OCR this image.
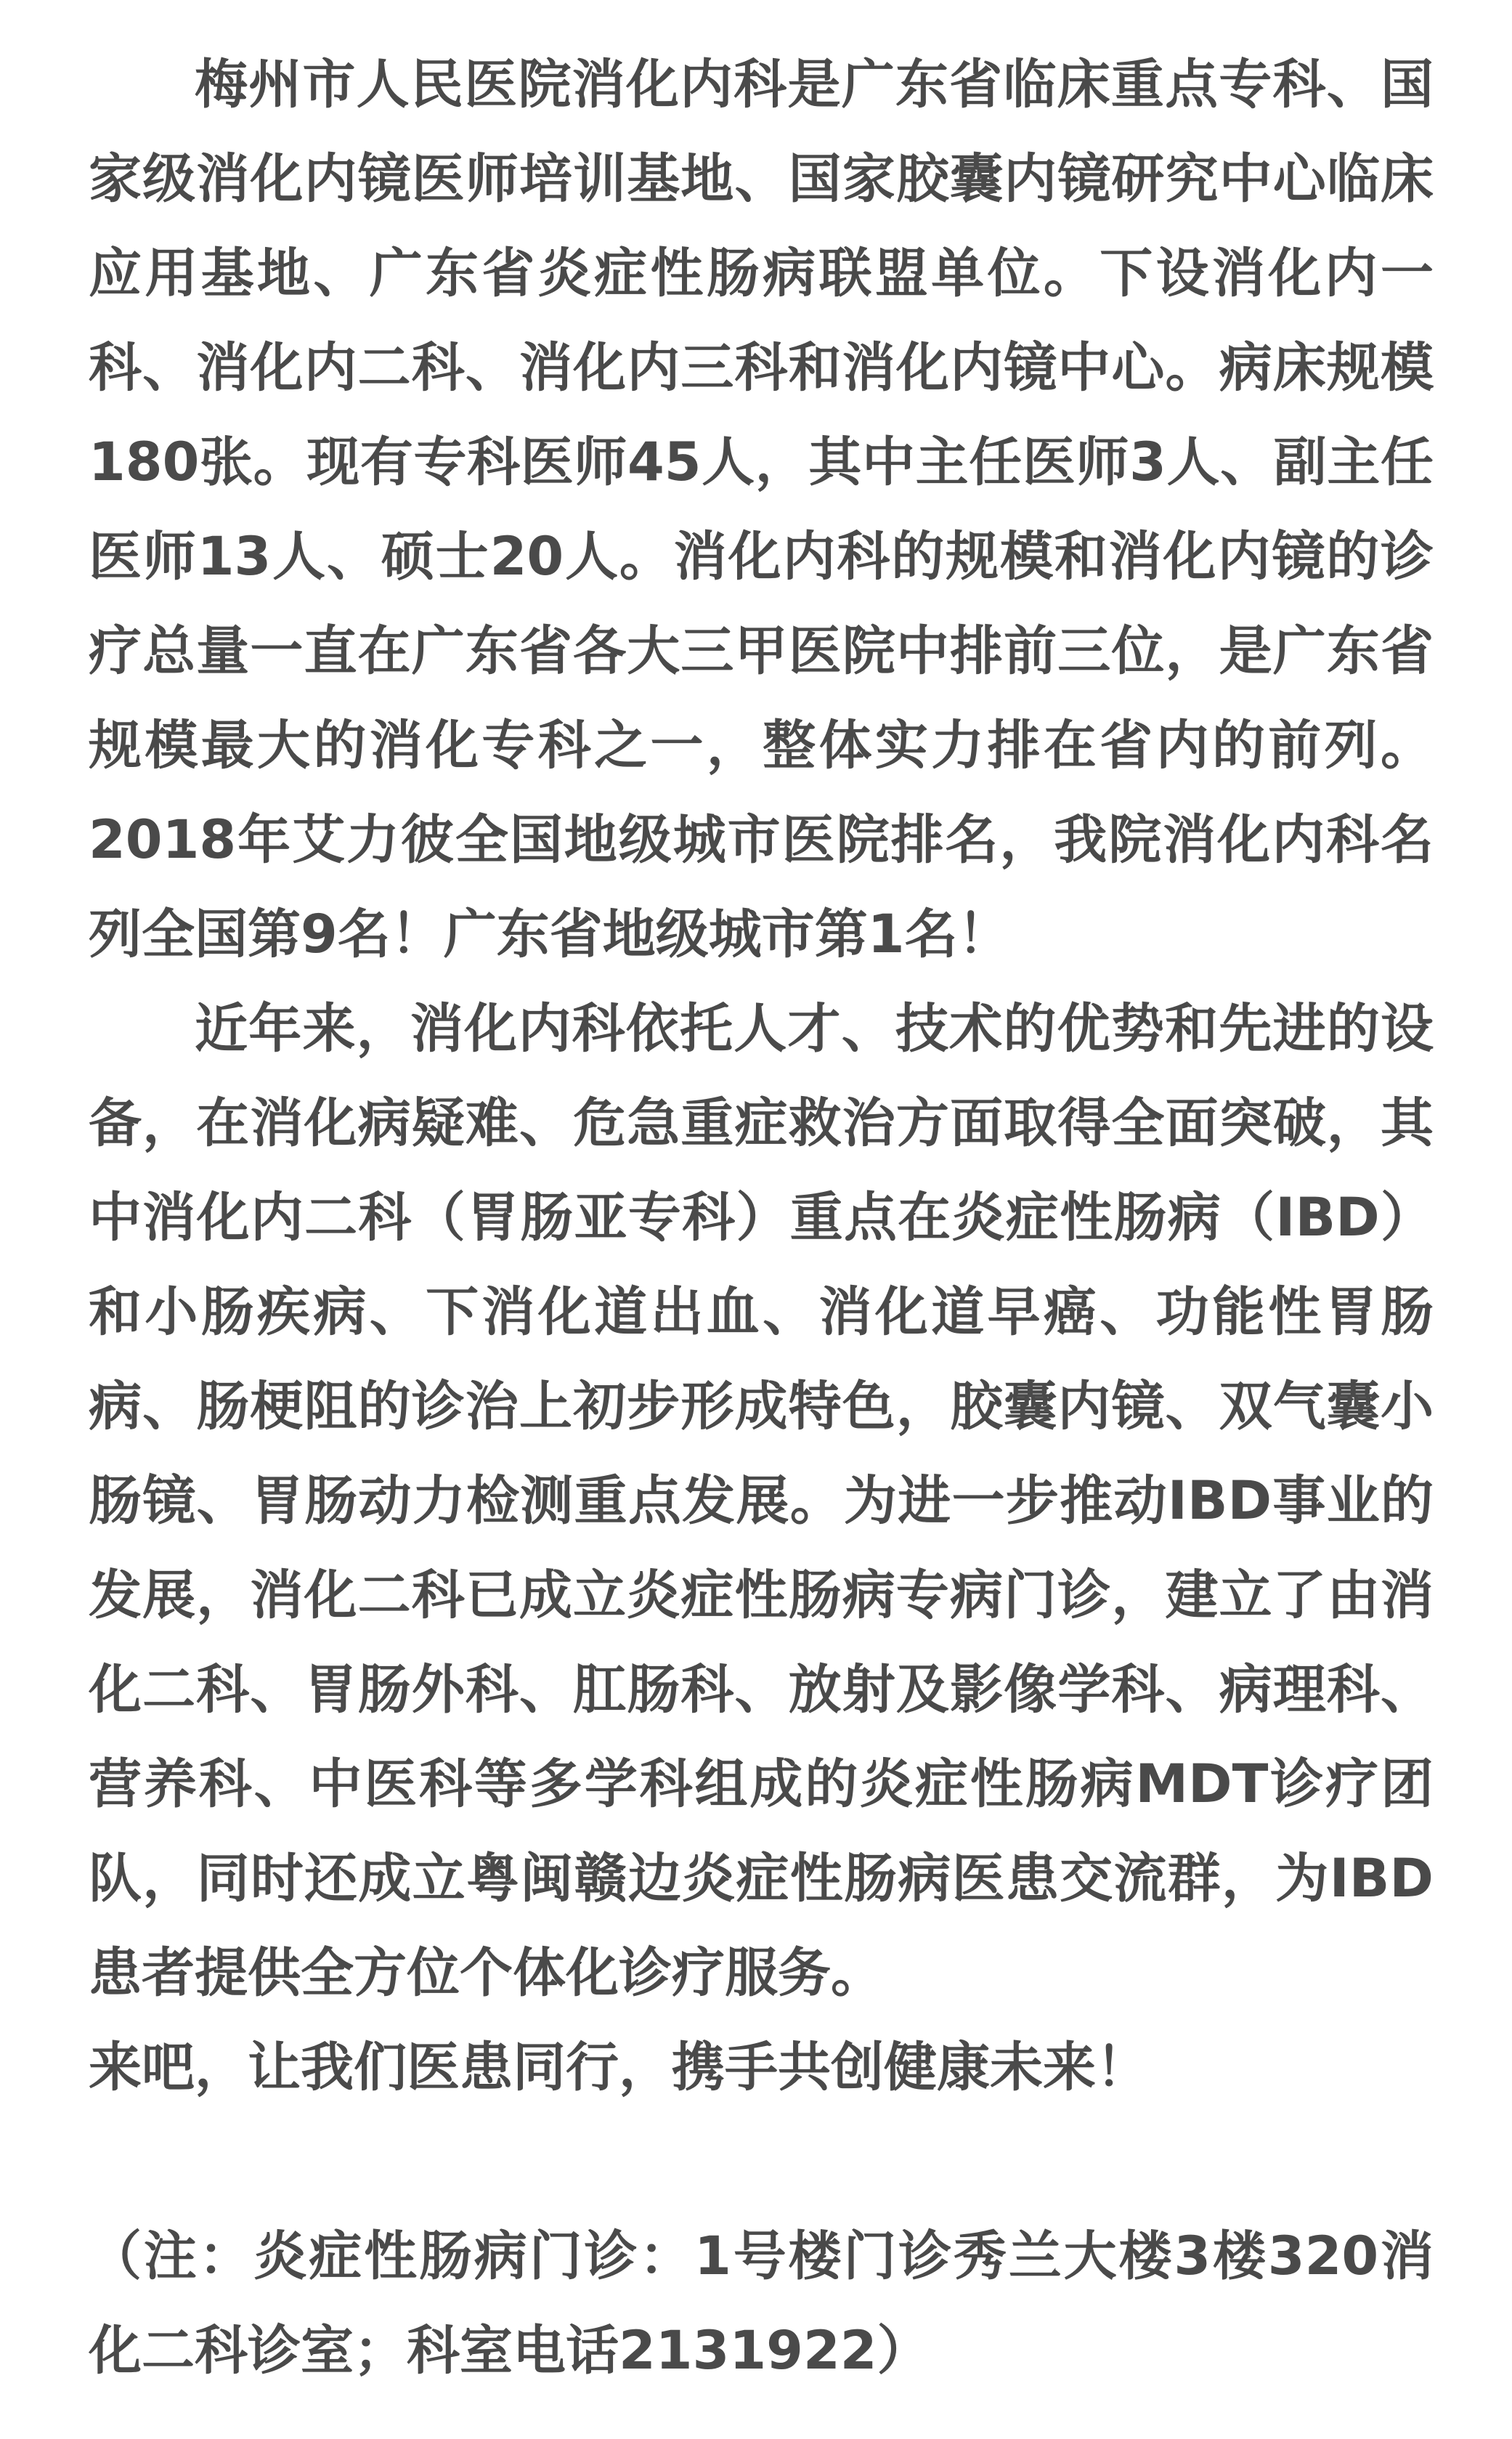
梅州市人民医院消化内科是广东省临床重点专科、国家级消化内镜医师培训基地、国家胶囊内镜研究中心临床应用基地、广东省炎症性肠病联盟单位。下设消化内一科、消化内二科、消化内三科和消化内镜中心。病床规模180张。现有专科医师45人，其中主任医师3人、副主任医师13人、硕士20人。消化内科的规模和消化内镜的诊疗总量一直在广东省各大三甲医院中排前三位，是广东省规模最大的消化专科之一，整体实力排在省内的前列。2018年艾力彼全国地级城市医院排名，我院消化内科名列全国第9名！广东省地级城市第1名！

近年来，消化内科依托人才、技术的优势和先进的设备，在消化病疑难、危急重症救治方面取得全面突破，其中消化内二科（胃肠亚专科）重点在炎症性肠病（IBD）和小肠疾病、下消化道出血、消化道早癌、功能性胃肠病、肠梗阻的诊治上初步形成特色，胶囊内镜、双气囊小肠镜、胃肠动力检测重点发展。为进一步推动IBD事业的发展，消化二科已成立炎症性肠病专病门诊，建立了由消化二科、胃肠外科、肛肠科、放射及影像学科、病理科、营养科、中医科等多学科组成的炎症性肠病MDT诊疗团队，同时还成立粤闽赣边炎症性肠病医患交流群，为IBD患者提供全方位个体化诊疗服务。

来吧，让我们医患同行，携手共创健康未来！

（注：炎症性肠病门诊：1号楼门诊秀兰大楼3楼320消化二科诊室；科室电话2131922）
